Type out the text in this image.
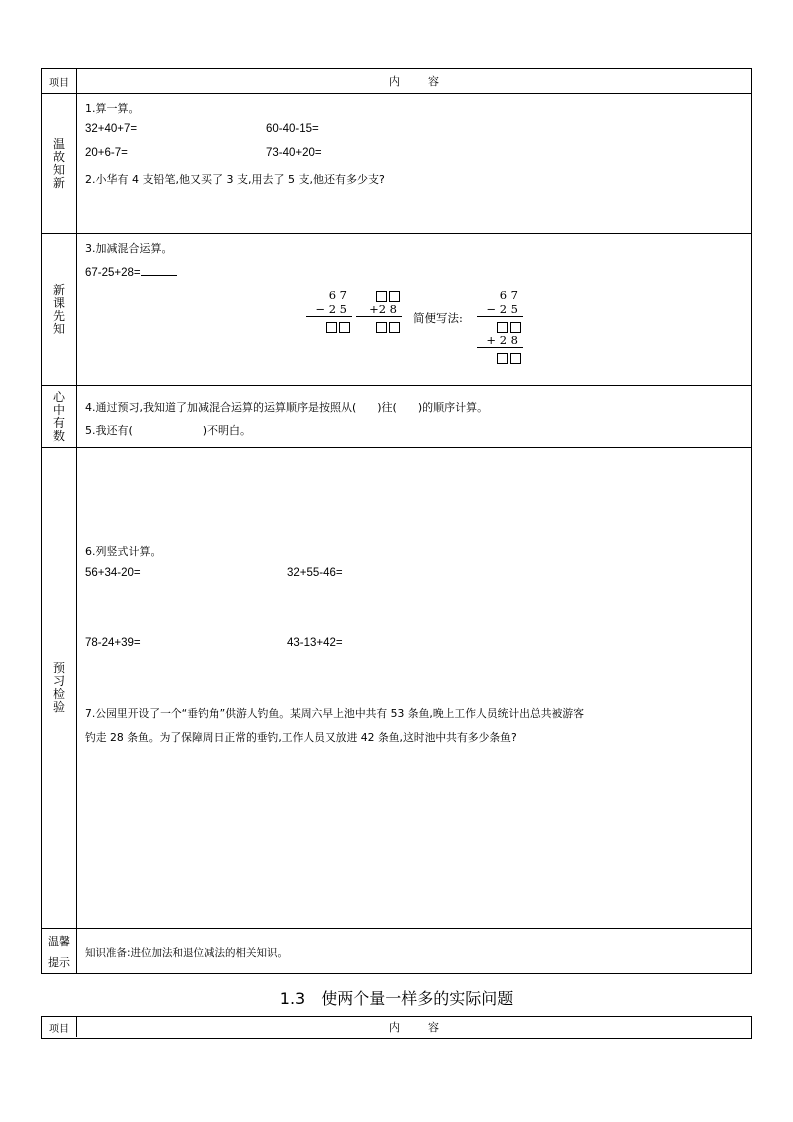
项目	内	容
温故知新
1.算一算。
32+40+7=	60-40-15=
20+6-7=	73-40+20=
2.小华有 4 支铅笔,他又买了 3 支,用去了 5 支,他还有多少支?
新课先知
3.加减混合运算。
67-25+28=
6 7
− 2 5	+2 8
简便写法:
6 7
− 2 5
+ 2 8
心中有数
4.通过预习,我知道了加减混合运算的运算顺序是按照从(      )往(      )的顺序计算。
5.我还有(                    )不明白。
预习检验
6.列竖式计算。
56+34-20=	32+55-46=
78-24+39=	43-13+42=
7.公园里开设了一个“垂钓角”供游人钓鱼。某周六早上池中共有 53 条鱼,晚上工作人员统计出总共被游客
钓走 28 条鱼。为了保障周日正常的垂钓,工作人员又放进 42 条鱼,这时池中共有多少条鱼?
温馨提示
知识准备:进位加法和退位减法的相关知识。
1.3 使两个量一样多的实际问题
项目	内	容
